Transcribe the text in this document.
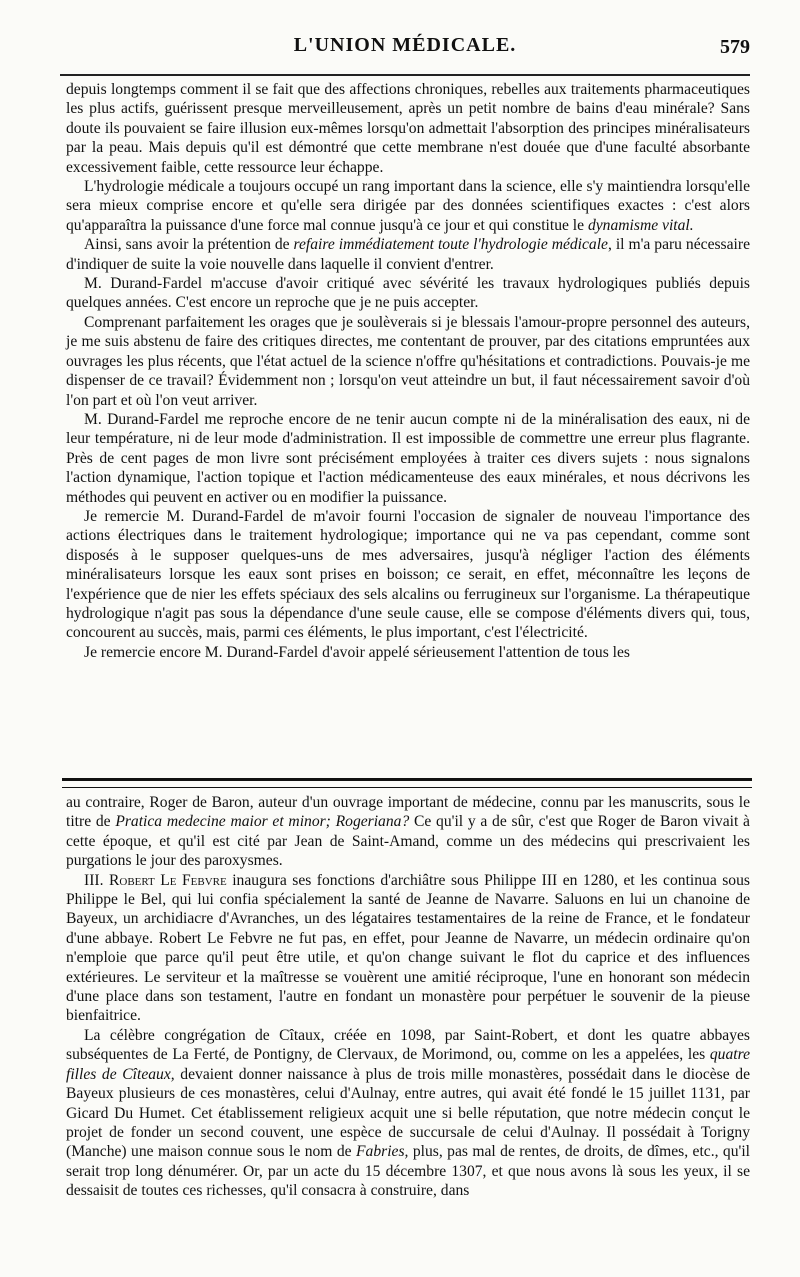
L'UNION MÉDICALE.	579

depuis longtemps comment il se fait que des affections chroniques, rebelles aux traitements pharmaceutiques les plus actifs, guérissent presque merveilleusement, après un petit nombre de bains d'eau minérale? Sans doute ils pouvaient se faire illusion eux-mêmes lorsqu'on admettait l'absorption des principes minéralisateurs par la peau. Mais depuis qu'il est démontré que cette membrane n'est douée que d'une faculté absorbante excessivement faible, cette ressource leur échappe.

L'hydrologie médicale a toujours occupé un rang important dans la science, elle s'y maintiendra lorsqu'elle sera mieux comprise encore et qu'elle sera dirigée par des données scientifiques exactes : c'est alors qu'apparaîtra la puissance d'une force mal connue jusqu'à ce jour et qui constitue le dynamisme vital.

Ainsi, sans avoir la prétention de refaire immédiatement toute l'hydrologie médicale, il m'a paru nécessaire d'indiquer de suite la voie nouvelle dans laquelle il convient d'entrer.

M. Durand-Fardel m'accuse d'avoir critiqué avec sévérité les travaux hydrologiques publiés depuis quelques années. C'est encore un reproche que je ne puis accepter.

Comprenant parfaitement les orages que je soulèverais si je blessais l'amour-propre personnel des auteurs, je me suis abstenu de faire des critiques directes, me contentant de prouver, par des citations empruntées aux ouvrages les plus récents, que l'état actuel de la science n'offre qu'hésitations et contradictions. Pouvais-je me dispenser de ce travail? Évidemment non ; lorsqu'on veut atteindre un but, il faut nécessairement savoir d'où l'on part et où l'on veut arriver.

M. Durand-Fardel me reproche encore de ne tenir aucun compte ni de la minéralisation des eaux, ni de leur température, ni de leur mode d'administration. Il est impossible de commettre une erreur plus flagrante. Près de cent pages de mon livre sont précisément employées à traiter ces divers sujets : nous signalons l'action dynamique, l'action topique et l'action médicamenteuse des eaux minérales, et nous décrivons les méthodes qui peuvent en activer ou en modifier la puissance.

Je remercie M. Durand-Fardel de m'avoir fourni l'occasion de signaler de nouveau l'importance des actions électriques dans le traitement hydrologique; importance qui ne va pas cependant, comme sont disposés à le supposer quelques-uns de mes adversaires, jusqu'à négliger l'action des éléments minéralisateurs lorsque les eaux sont prises en boisson; ce serait, en effet, méconnaître les leçons de l'expérience que de nier les effets spéciaux des sels alcalins ou ferrugineux sur l'organisme. La thérapeutique hydrologique n'agit pas sous la dépendance d'une seule cause, elle se compose d'éléments divers qui, tous, concourent au succès, mais, parmi ces éléments, le plus important, c'est l'électricité.

Je remercie encore M. Durand-Fardel d'avoir appelé sérieusement l'attention de tous les

au contraire, Roger de Baron, auteur d'un ouvrage important de médecine, connu par les manuscrits, sous le titre de Pratica medecine maior et minor; Rogeriana? Ce qu'il y a de sûr, c'est que Roger de Baron vivait à cette époque, et qu'il est cité par Jean de Saint-Amand, comme un des médecins qui prescrivaient les purgations le jour des paroxysmes.

III. Robert Le Febvre inaugura ses fonctions d'archiâtre sous Philippe III en 1280, et les continua sous Philippe le Bel, qui lui confia spécialement la santé de Jeanne de Navarre. Saluons en lui un chanoine de Bayeux, un archidiacre d'Avranches, un des légataires testamentaires de la reine de France, et le fondateur d'une abbaye. Robert Le Febvre ne fut pas, en effet, pour Jeanne de Navarre, un médecin ordinaire qu'on n'emploie que parce qu'il peut être utile, et qu'on change suivant le flot du caprice et des influences extérieures. Le serviteur et la maîtresse se vouèrent une amitié réciproque, l'une en honorant son médecin d'une place dans son testament, l'autre en fondant un monastère pour perpétuer le souvenir de la pieuse bienfaitrice.

La célèbre congrégation de Cîtaux, créée en 1098, par Saint-Robert, et dont les quatre abbayes subséquentes de La Ferté, de Pontigny, de Clervaux, de Morimond, ou, comme on les a appelées, les quatre filles de Cîteaux, devaient donner naissance à plus de trois mille monastères, possédait dans le diocèse de Bayeux plusieurs de ces monastères, celui d'Aulnay, entre autres, qui avait été fondé le 15 juillet 1131, par Gicard Du Humet. Cet établissement religieux acquit une si belle réputation, que notre médecin conçut le projet de fonder un second couvent, une espèce de succursale de celui d'Aulnay. Il possédait à Torigny (Manche) une maison connue sous le nom de Fabries, plus, pas mal de rentes, de droits, de dîmes, etc., qu'il serait trop long dénumérer. Or, par un acte du 15 décembre 1307, et que nous avons là sous les yeux, il se dessaisit de toutes ces richesses, qu'il consacra à construire, dans
